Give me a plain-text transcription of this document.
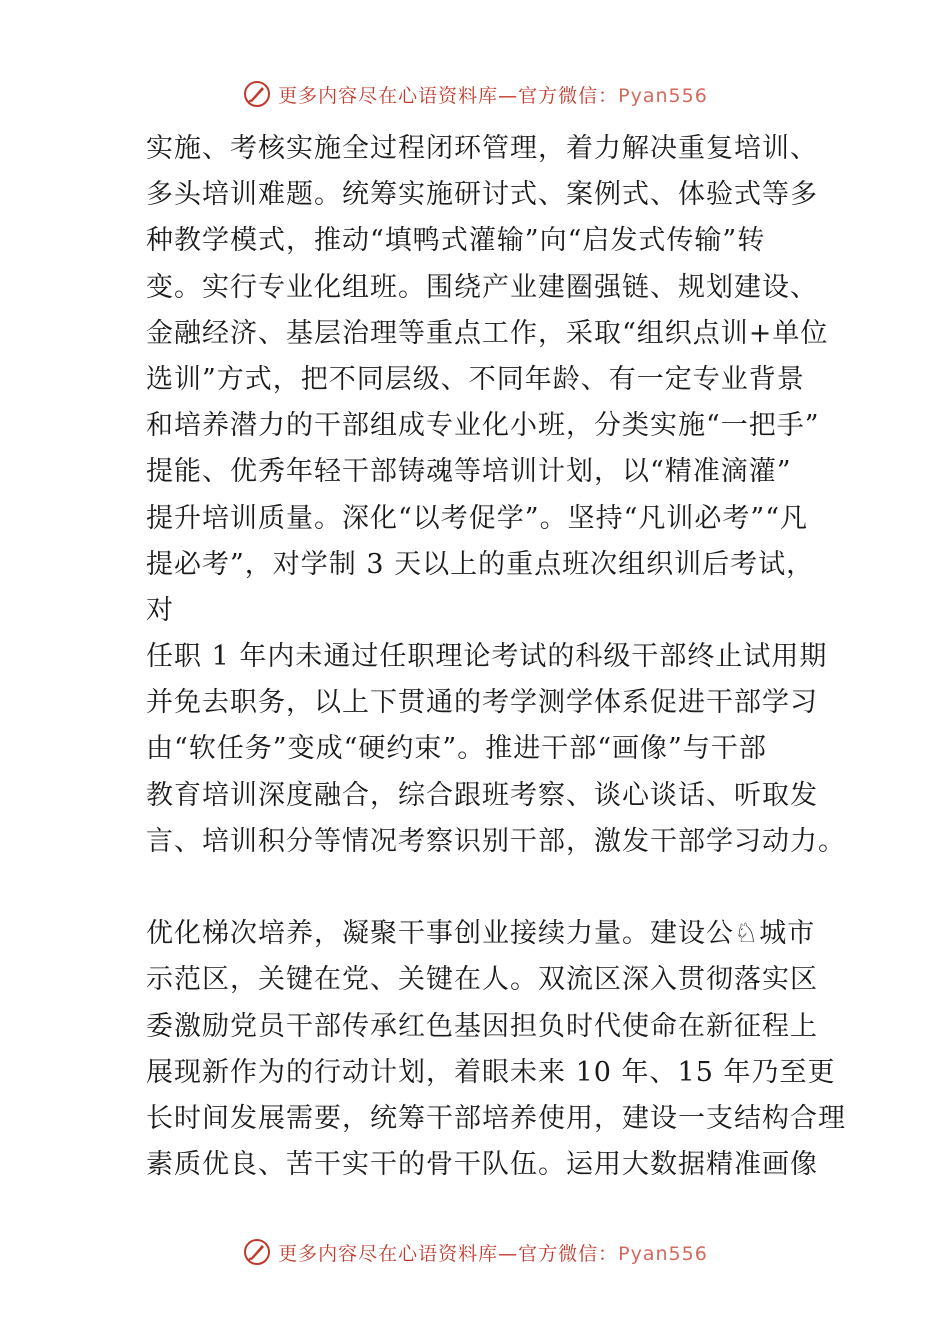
更多内容尽在心语资料库—官方微信：Pyan556
实施、考核实施全过程闭环管理，着力解决重复培训、
多头培训难题。统筹实施研讨式、案例式、体验式等多
种教学模式，推动“填鸭式灌输”向“启发式传输”转
变。实行专业化组班。围绕产业建圈强链、规划建设、
金融经济、基层治理等重点工作，采取“组织点训+单位
选训”方式，把不同层级、不同年龄、有一定专业背景
和培养潜力的干部组成专业化小班，分类实施“一把手”
提能、优秀年轻干部铸魂等培训计划，以“精准滴灌”
提升培训质量。深化“以考促学”。坚持“凡训必考”“凡
提必考”，对学制 3 天以上的重点班次组织训后考试，
对
任职 1 年内未通过任职理论考试的科级干部终止试用期
并免去职务，以上下贯通的考学测学体系促进干部学习
由“软任务”变成“硬约束”。推进干部“画像”与干部
教育培训深度融合，综合跟班考察、谈心谈话、听取发
言、培训积分等情况考察识别干部，激发干部学习动力。
优化梯次培养，凝聚干事创业接续力量。建设公♘城市
示范区，关键在党、关键在人。双流区深入贯彻落实区
委激励党员干部传承红色基因担负时代使命在新征程上
展现新作为的行动计划，着眼未来 10 年、15 年乃至更
长时间发展需要，统筹干部培养使用，建设一支结构合理
素质优良、苦干实干的骨干队伍。运用大数据精准画像
更多内容尽在心语资料库—官方微信：Pyan556
